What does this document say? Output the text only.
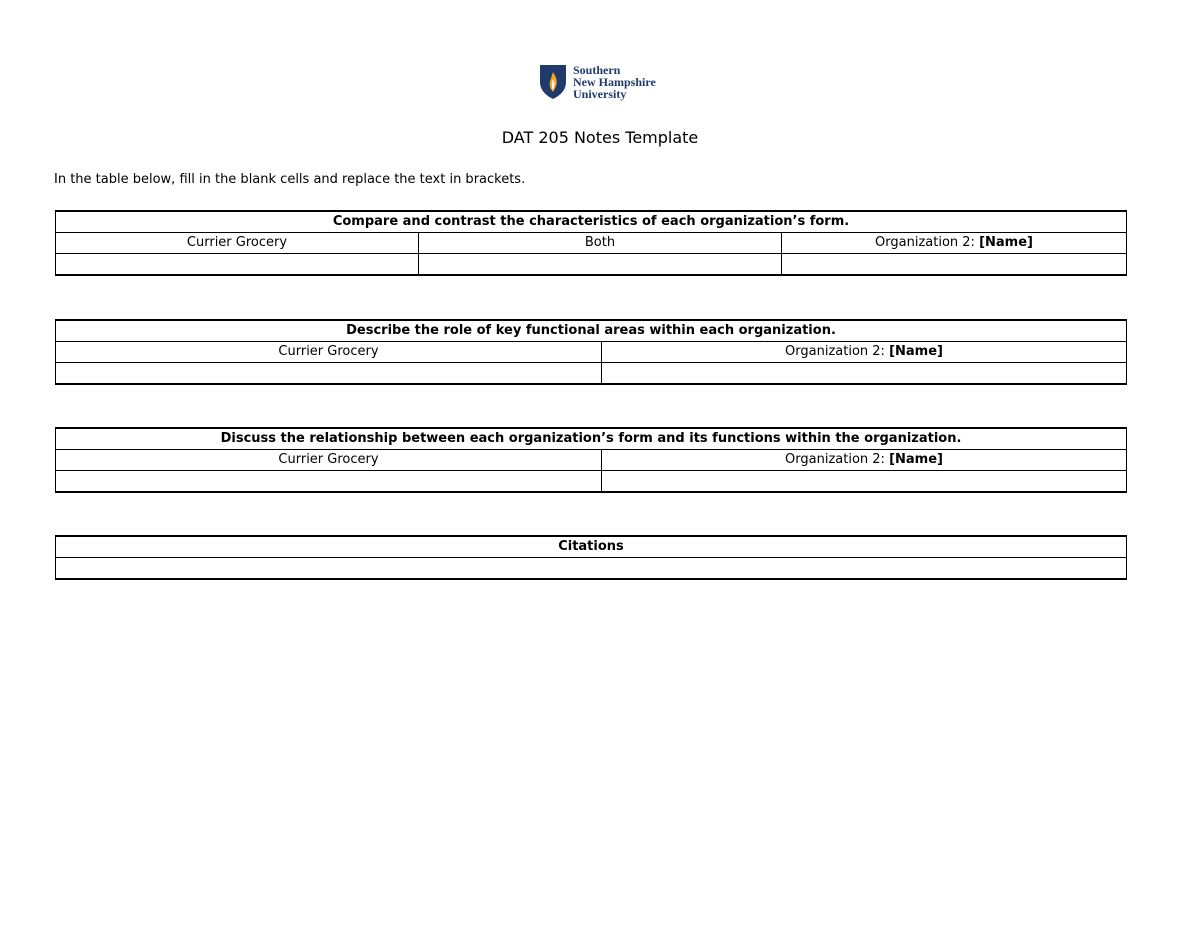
Southern
New Hampshire
University
DAT 205 Notes Template
In the table below, fill in the blank cells and replace the text in brackets.
Compare and contrast the characteristics of each organization’s form.		
Currier Grocery	Both	Organization 2: [Name]

Describe the role of key functional areas within each organization.	
Currier Grocery	Organization 2: [Name]

Discuss the relationship between each organization’s form and its functions within the organization.	
Currier Grocery	Organization 2: [Name]

Citations
